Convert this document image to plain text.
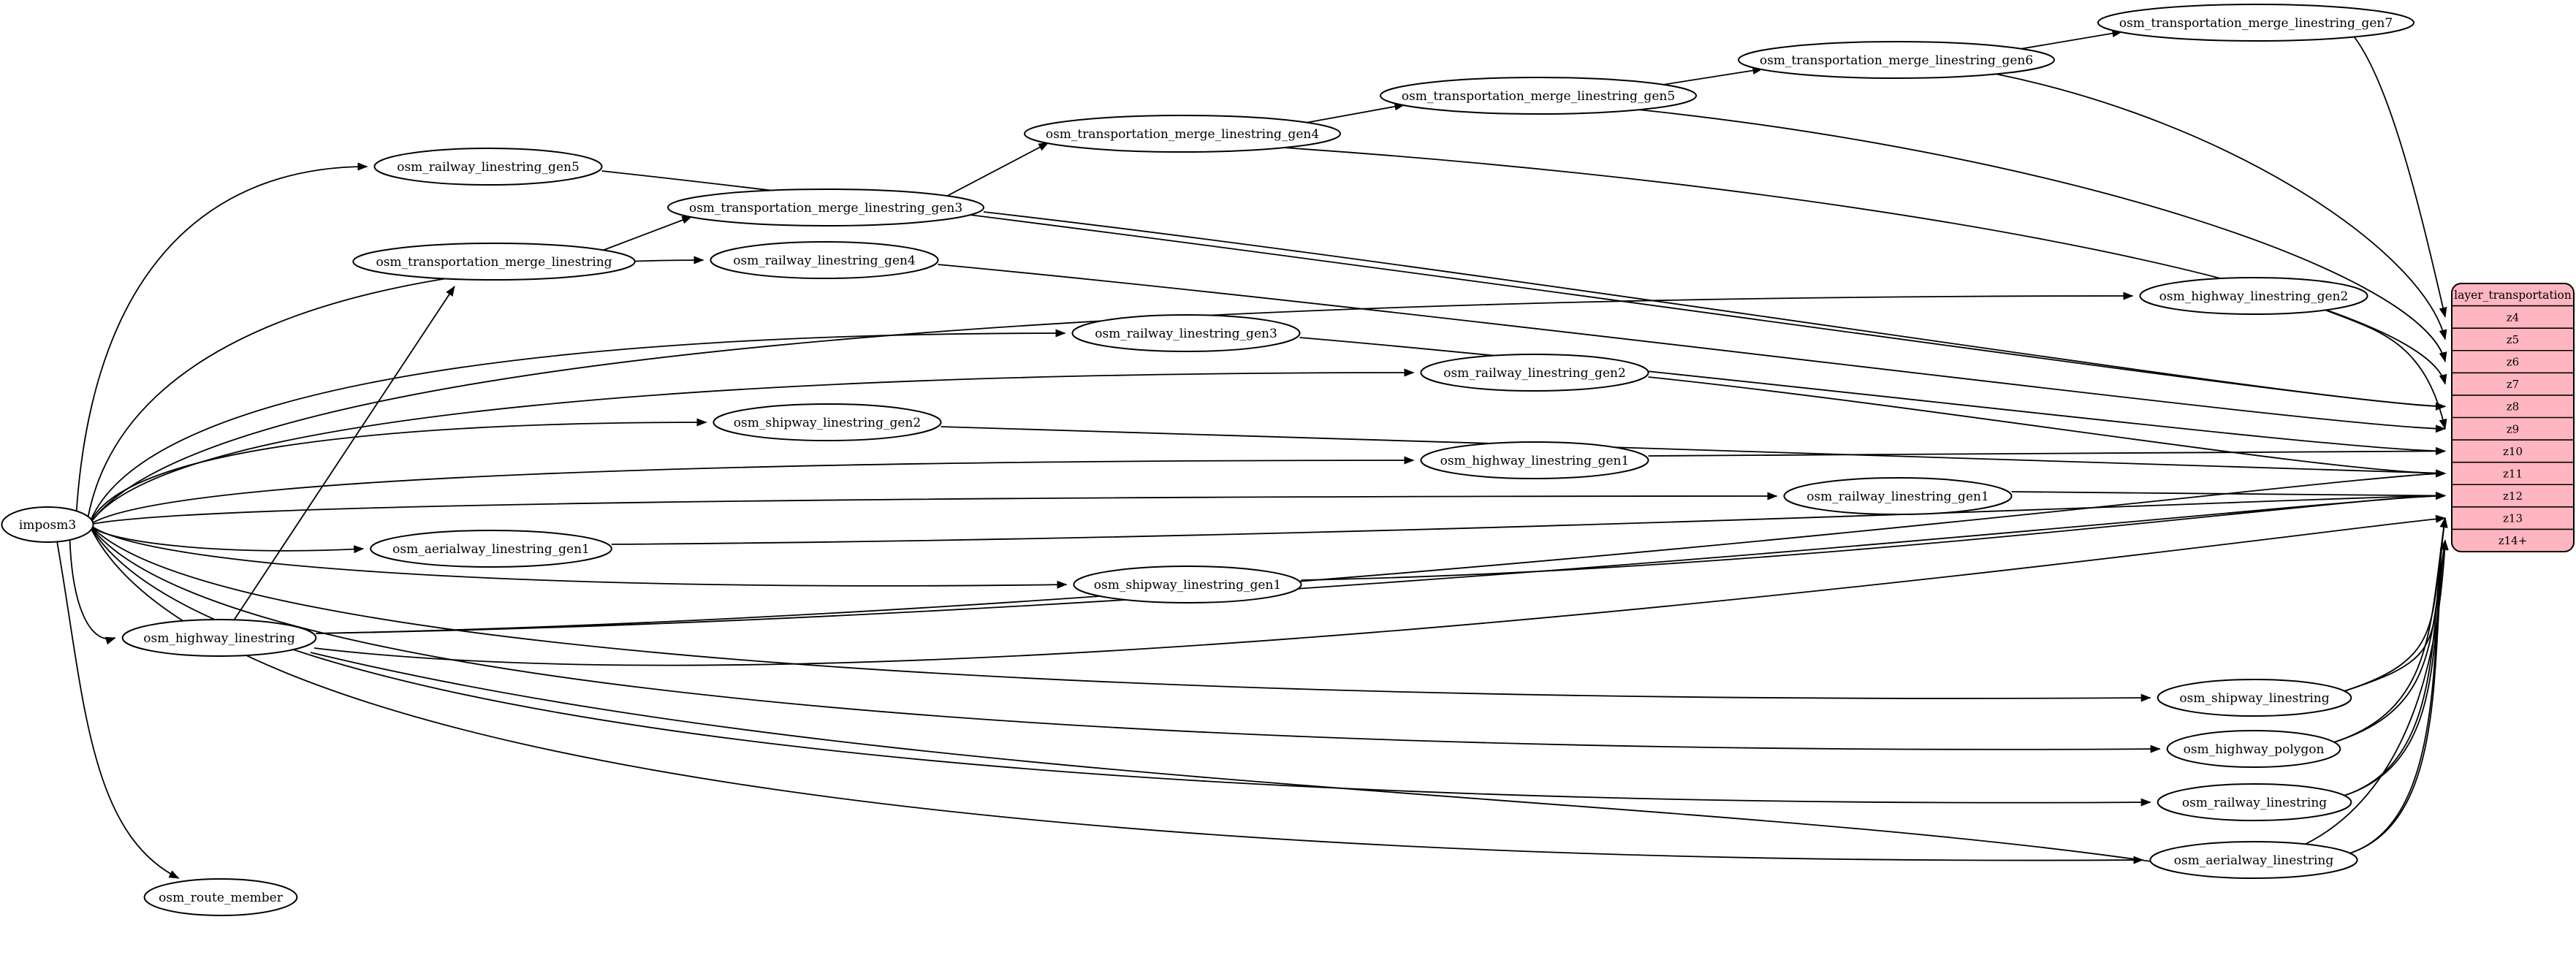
imposm3
osm_railway_linestring_gen5
osm_transportation_merge_linestring
osm_transportation_merge_linestring_gen3
osm_railway_linestring_gen4
osm_transportation_merge_linestring_gen4
osm_transportation_merge_linestring_gen5
osm_transportation_merge_linestring_gen6
osm_transportation_merge_linestring_gen7
osm_highway_linestring_gen2
osm_railway_linestring_gen3
osm_railway_linestring_gen2
osm_shipway_linestring_gen2
osm_highway_linestring_gen1
osm_railway_linestring_gen1
osm_aerialway_linestring_gen1
osm_shipway_linestring_gen1
osm_highway_linestring
osm_shipway_linestring
osm_highway_polygon
osm_railway_linestring
osm_aerialway_linestring
osm_route_member
layer_transportation
z4
z5
z6
z7
z8
z9
z10
z11
z12
z13
z14+
